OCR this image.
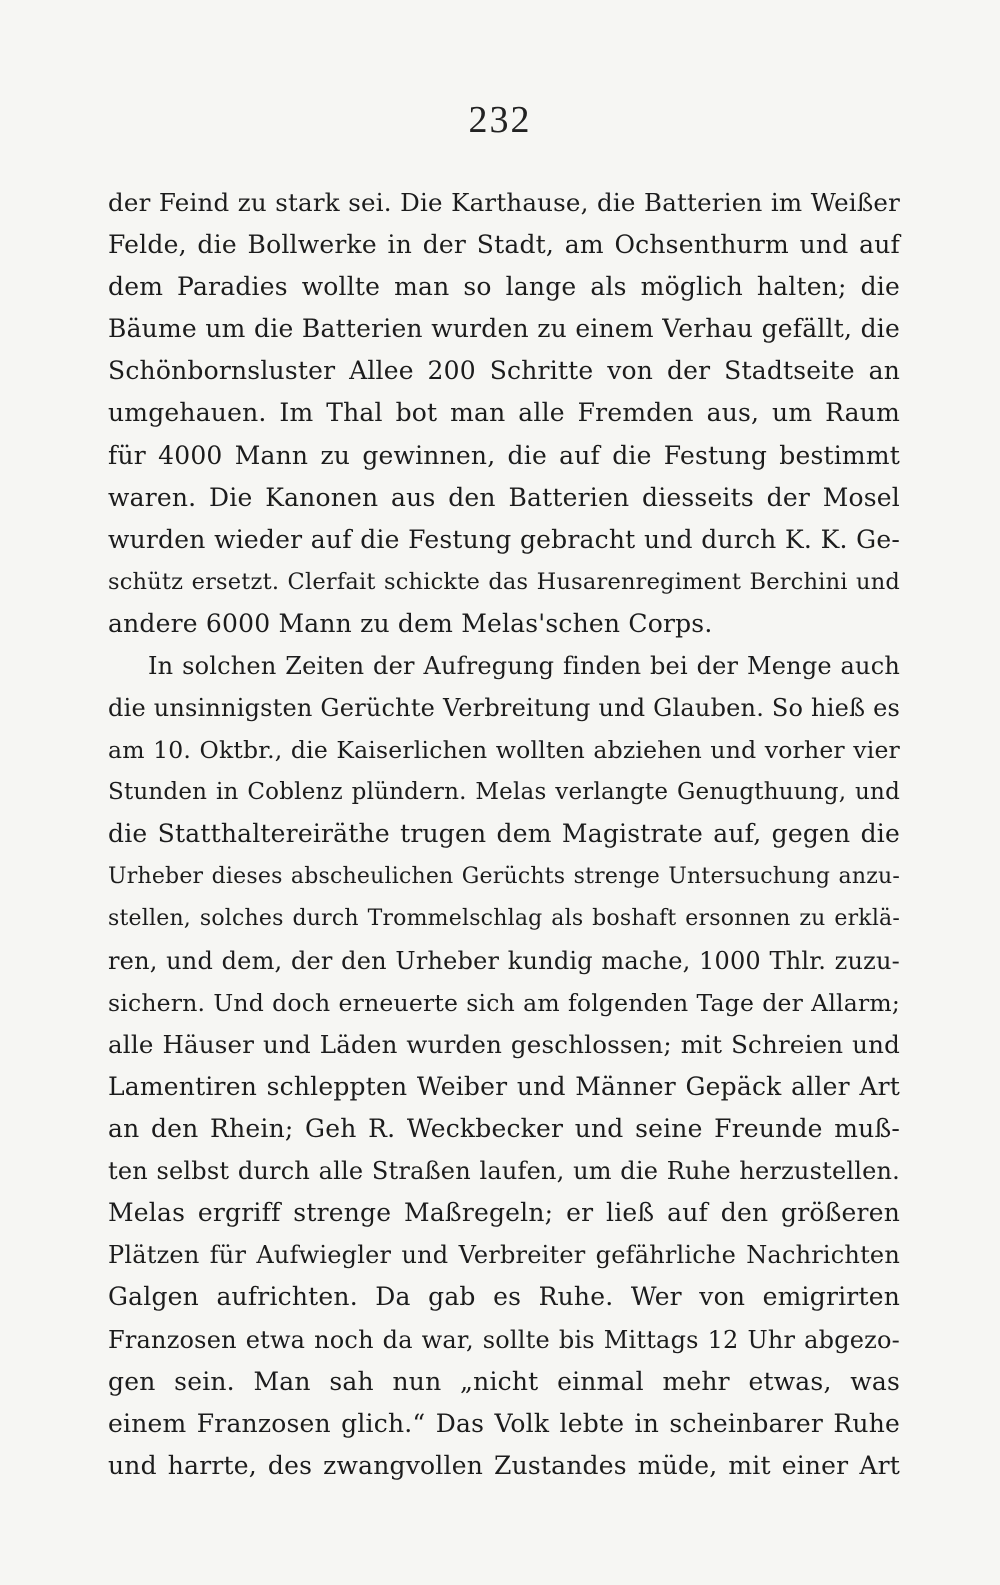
232
der Feind zu stark sei. Die Karthause, die Batterien im Weißer
Felde, die Bollwerke in der Stadt, am Ochsenthurm und auf
dem Paradies wollte man so lange als möglich halten; die
Bäume um die Batterien wurden zu einem Verhau gefällt, die
Schönbornsluster Allee 200 Schritte von der Stadtseite an
umgehauen. Im Thal bot man alle Fremden aus, um Raum
für 4000 Mann zu gewinnen, die auf die Festung bestimmt
waren. Die Kanonen aus den Batterien diesseits der Mosel
wurden wieder auf die Festung gebracht und durch K. K. Ge-
schütz ersetzt. Clerfait schickte das Husarenregiment Berchini und
andere 6000 Mann zu dem Melas'schen Corps.
In solchen Zeiten der Aufregung finden bei der Menge auch
die unsinnigsten Gerüchte Verbreitung und Glauben. So hieß es
am 10. Oktbr., die Kaiserlichen wollten abziehen und vorher vier
Stunden in Coblenz plündern. Melas verlangte Genugthuung, und
die Statthaltereiräthe trugen dem Magistrate auf, gegen die
Urheber dieses abscheulichen Gerüchts strenge Untersuchung anzu-
stellen, solches durch Trommelschlag als boshaft ersonnen zu erklä-
ren, und dem, der den Urheber kundig mache, 1000 Thlr. zuzu-
sichern. Und doch erneuerte sich am folgenden Tage der Allarm;
alle Häuser und Läden wurden geschlossen; mit Schreien und
Lamentiren schleppten Weiber und Männer Gepäck aller Art
an den Rhein; Geh R. Weckbecker und seine Freunde muß-
ten selbst durch alle Straßen laufen, um die Ruhe herzustellen.
Melas ergriff strenge Maßregeln; er ließ auf den größeren
Plätzen für Aufwiegler und Verbreiter gefährliche Nachrichten
Galgen aufrichten. Da gab es Ruhe. Wer von emigrirten
Franzosen etwa noch da war, sollte bis Mittags 12 Uhr abgezo-
gen sein. Man sah nun „nicht einmal mehr etwas, was
einem Franzosen glich.“ Das Volk lebte in scheinbarer Ruhe
und harrte, des zwangvollen Zustandes müde, mit einer Art
